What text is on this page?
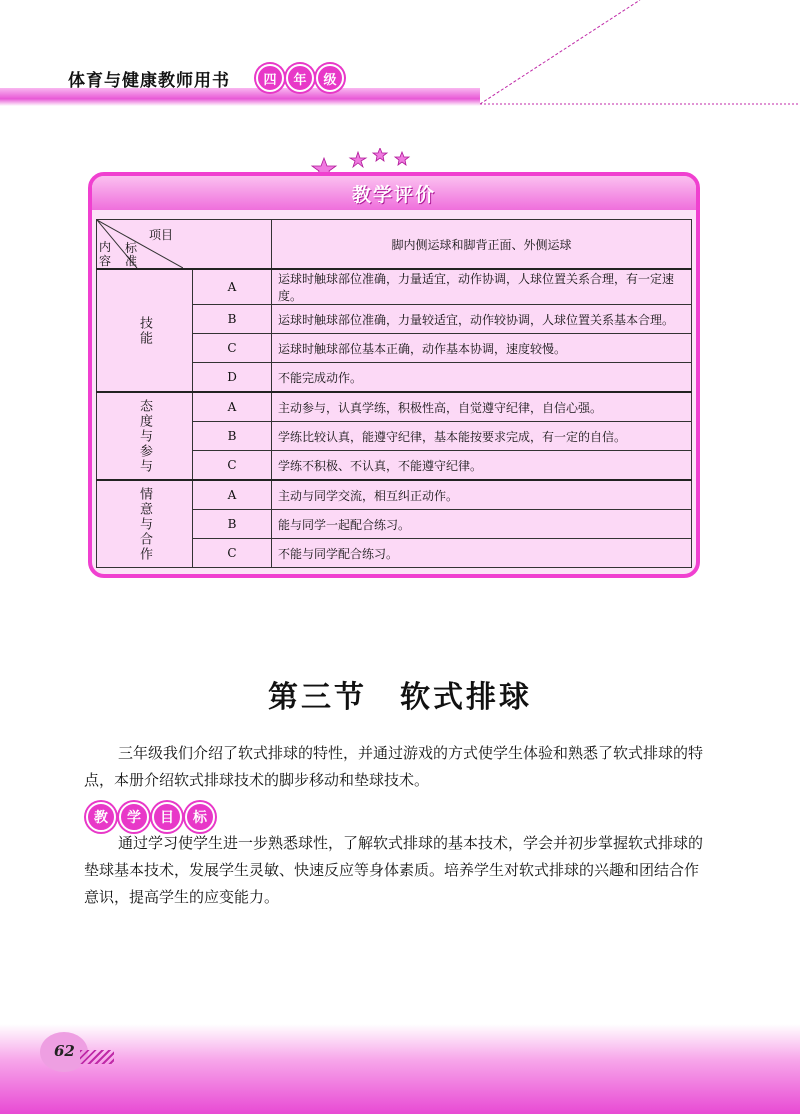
体育与健康教师用书	四	年	级
教学评价
项目
内容
标准		脚内侧运球和脚背正面、外侧运球
技能	A	运球时触球部位准确，力量适宜，动作协调，人球位置关系合理，有一定速度。
	B	运球时触球部位准确，力量较适宜，动作较协调，人球位置关系基本合理。
	C	运球时触球部位基本正确，动作基本协调，速度较慢。
	D	不能完成动作。
态度与参与	A	主动参与，认真学练，积极性高，自觉遵守纪律，自信心强。
	B	学练比较认真，能遵守纪律，基本能按要求完成，有一定的自信。
	C	学练不积极、不认真，不能遵守纪律。
情意与合作	A	主动与同学交流，相互纠正动作。
	B	能与同学一起配合练习。
	C	不能与同学配合练习。
第三节　软式排球

三年级我们介绍了软式排球的特性，并通过游戏的方式使学生体验和熟悉了软式排球的特点，本册介绍软式排球技术的脚步移动和垫球技术。

教	学	目	标

通过学习使学生进一步熟悉球性，了解软式排球的基本技术，学会并初步掌握软式排球的垫球基本技术，发展学生灵敏、快速反应等身体素质。培养学生对软式排球的兴趣和团结合作意识，提高学生的应变能力。

62
